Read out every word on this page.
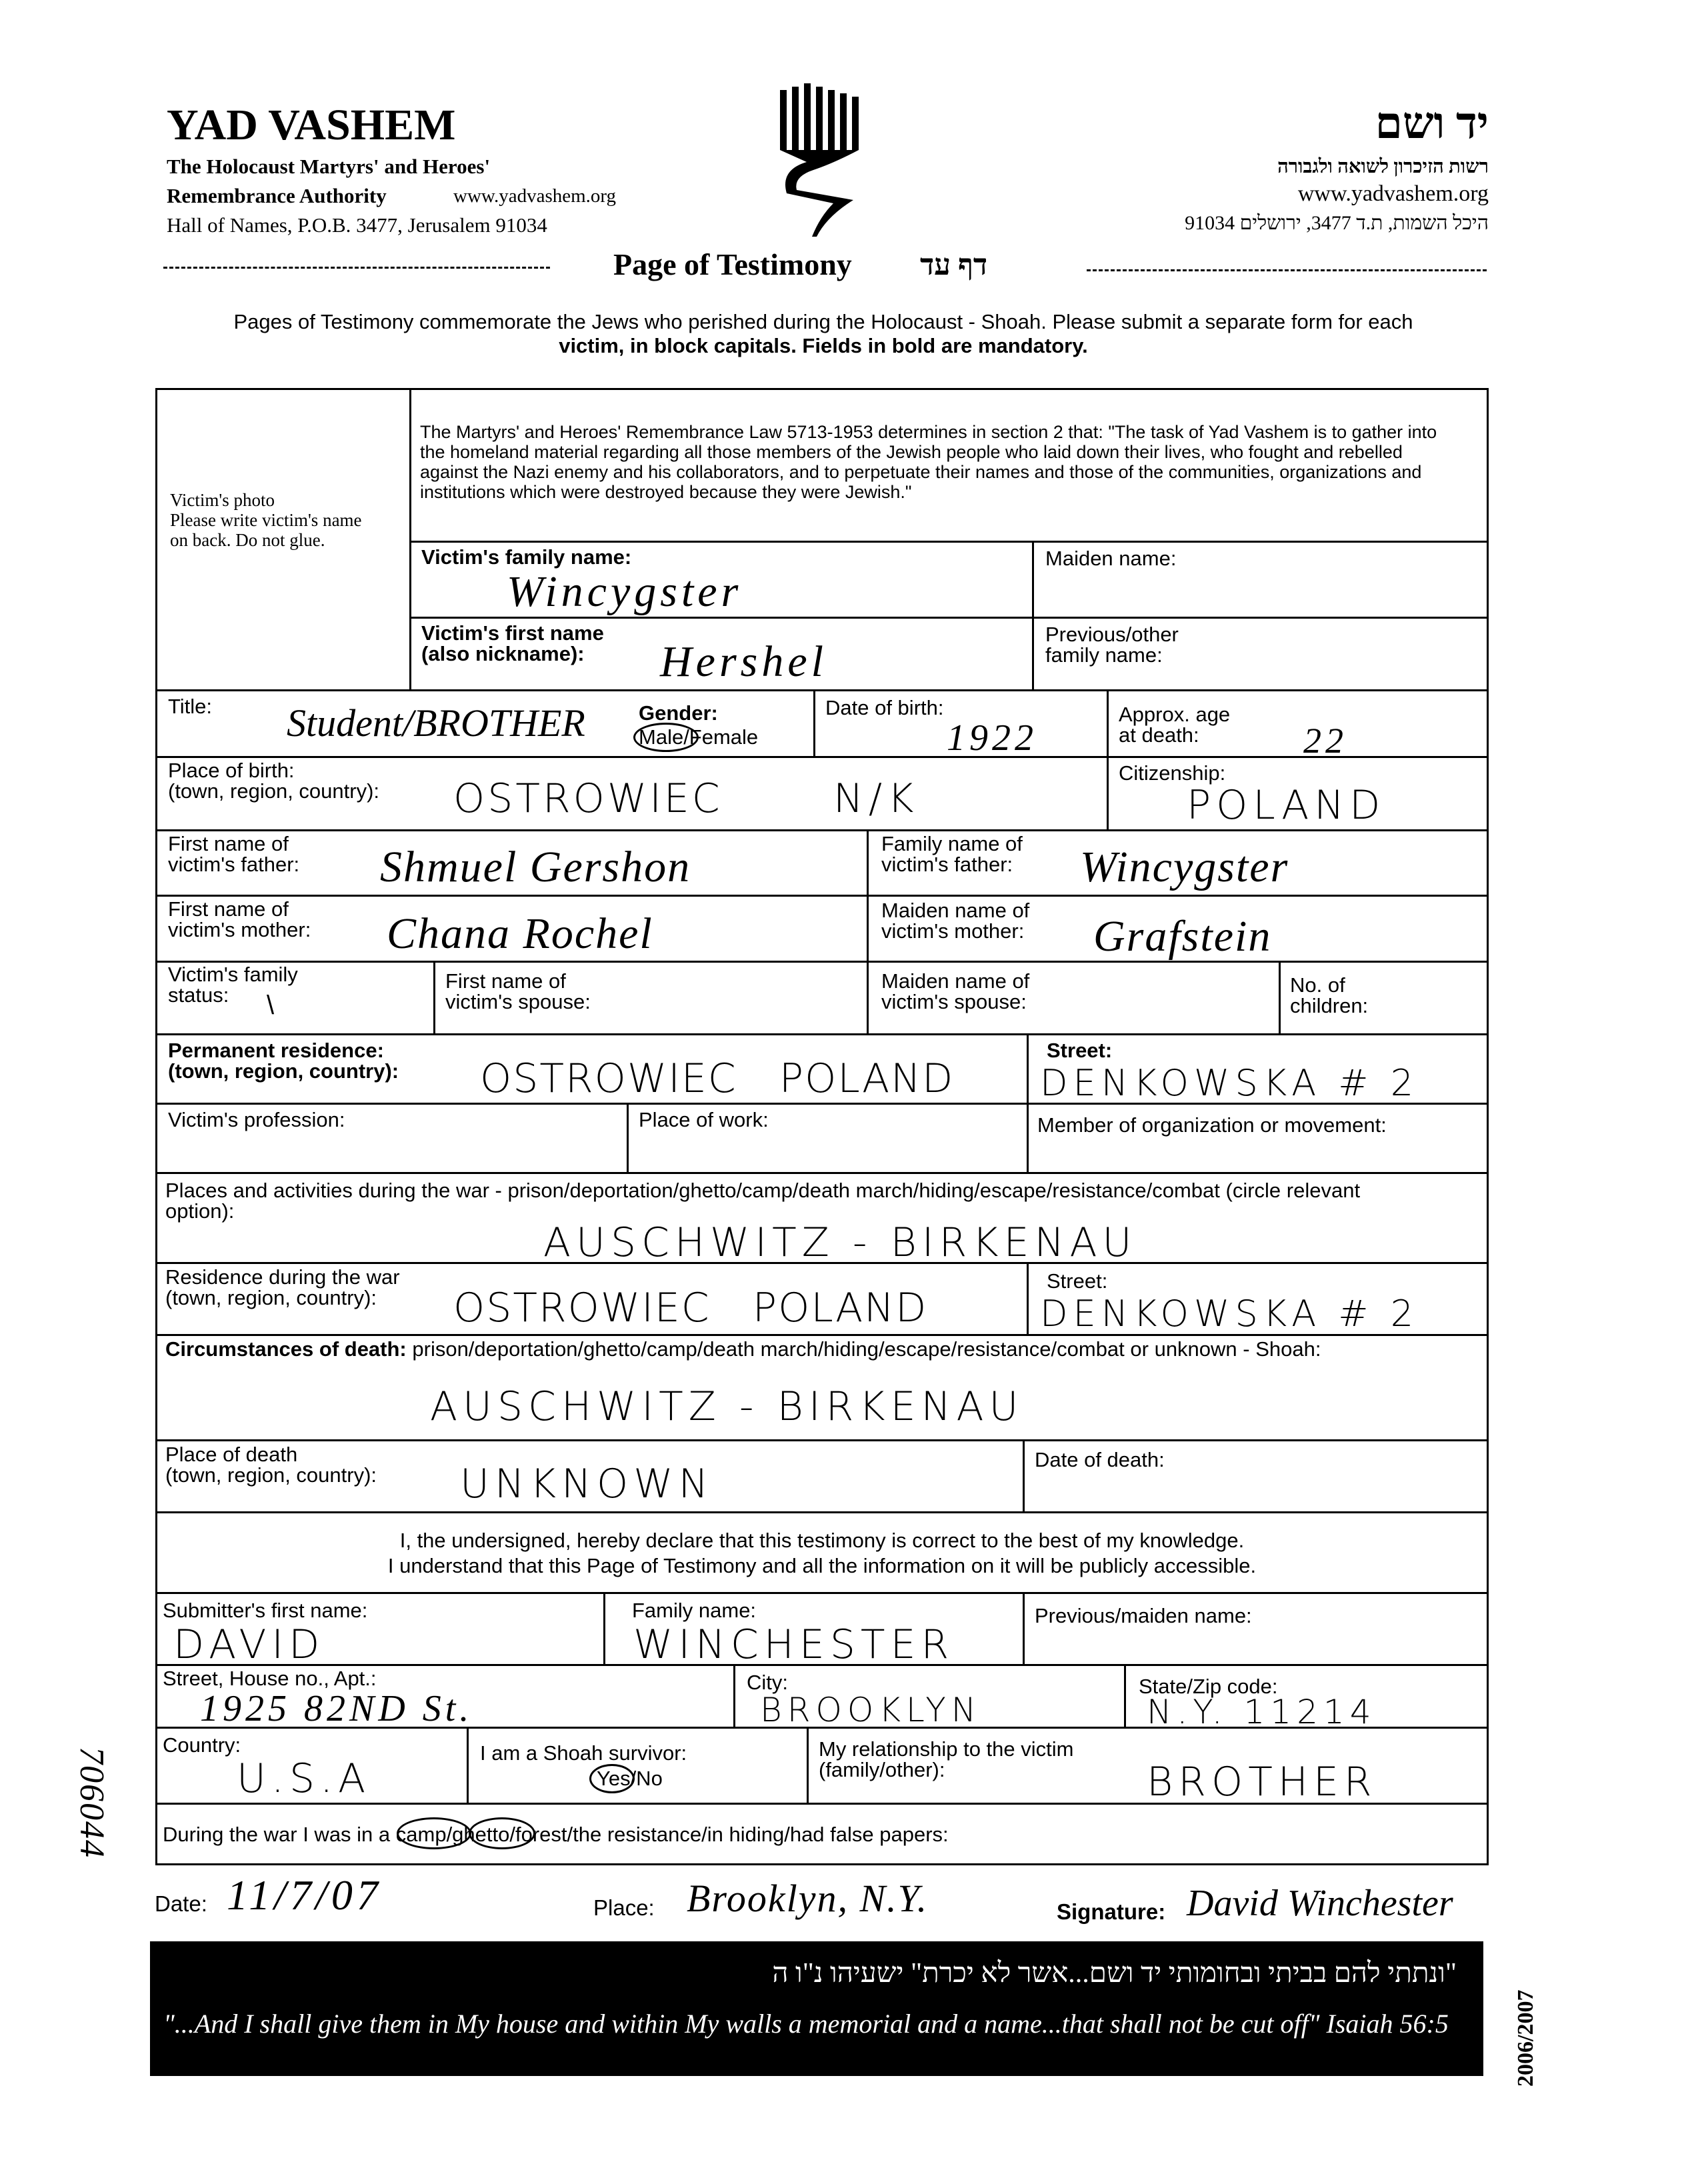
YAD VASHEM
The Holocaust Martyrs' and Heroes'
Remembrance Authority	www.yadvashem.org
Hall of Names, P.O.B. 3477, Jerusalem 91034
יד ושם
רשות הזיכרון לשואה ולגבורה
www.yadvashem.org
היכל השמות, ת.ד 3477, ירושלים 91034
Page of Testimony דף עד
Pages of Testimony commemorate the Jews who perished during the Holocaust - Shoah. Please submit a separate form for each
victim, in block capitals. Fields in bold are mandatory.
Victim's photo
Please write victim's name
on back. Do not glue.
The Martyrs' and Heroes' Remembrance Law 5713-1953 determines in section 2 that: "The task of Yad Vashem is to gather into the homeland material regarding all those members of the Jewish people who laid down their lives, who fought and rebelled against the Nazi enemy and his collaborators, and to perpetuate their names and those of the communities, organizations and institutions which were destroyed because they were Jewish."
Victim's family name:
Wincygster
Maiden name:
Victim's first name
(also nickname):	Hershel
Previous/other
family name:
Title: Student/BROTHER	Gender:
Male/Female
Date of birth:
1922
Approx. age
at death:	22
Place of birth:
(town, region, country): OSTROWIEC	N/K
Citizenship:
POLAND
First name of
victim's father: Shmuel Gershon	Family name of
victim's father: Wincygster
First name of
victim's mother: Chana Rochel	Maiden name of
victim's mother: Grafstein
Victim's family
status:	\
First name of
victim's spouse:
Maiden name of
victim's spouse:
No. of
children:
Permanent residence:
(town, region, country): OSTROWIEC   POLAND
Street:
DENKOWSKA # 2
Victim's profession:	Place of work:	Member of organization or movement:
Places and activities during the war - prison/deportation/ghetto/camp/death march/hiding/escape/resistance/combat (circle relevant
option):
AUSCHWITZ - BIRKENAU
Residence during the war
(town, region, country):	OSTROWIEC   POLAND
Street:
DENKOWSKA # 2
Circumstances of death: prison/deportation/ghetto/camp/death march/hiding/escape/resistance/combat or unknown - Shoah:
AUSCHWITZ - BIRKENAU
Place of death
(town, region, country): UNKNOWN
Date of death:
I, the undersigned, hereby declare that this testimony is correct to the best of my knowledge.
I understand that this Page of Testimony and all the information on it will be publicly accessible.
Submitter's first name:
DAVID
Family name:
WINCHESTER
Previous/maiden name:
Street, House no., Apt.:
1925 82ND St.
City:
BROOKLYN
State/Zip code:
N.Y. 11214
Country:
U.S.A
I am a Shoah survivor:
Yes/No
My relationship to the victim
(family/other):	BROTHER
During the war I was in a camp/ghetto/forest/the resistance/in hiding/had false papers:
Date: 11/7/07	Place: Brooklyn, N.Y.	Signature: David Winchester
706044
"ונתתי להם בביתי ובחומותי יד ושם...אשר לא יכרת" ישעיהו נ"ו ה
"...And I shall give them in My house and within My walls a memorial and a name...that shall not be cut off" Isaiah 56:5	2006/2007
